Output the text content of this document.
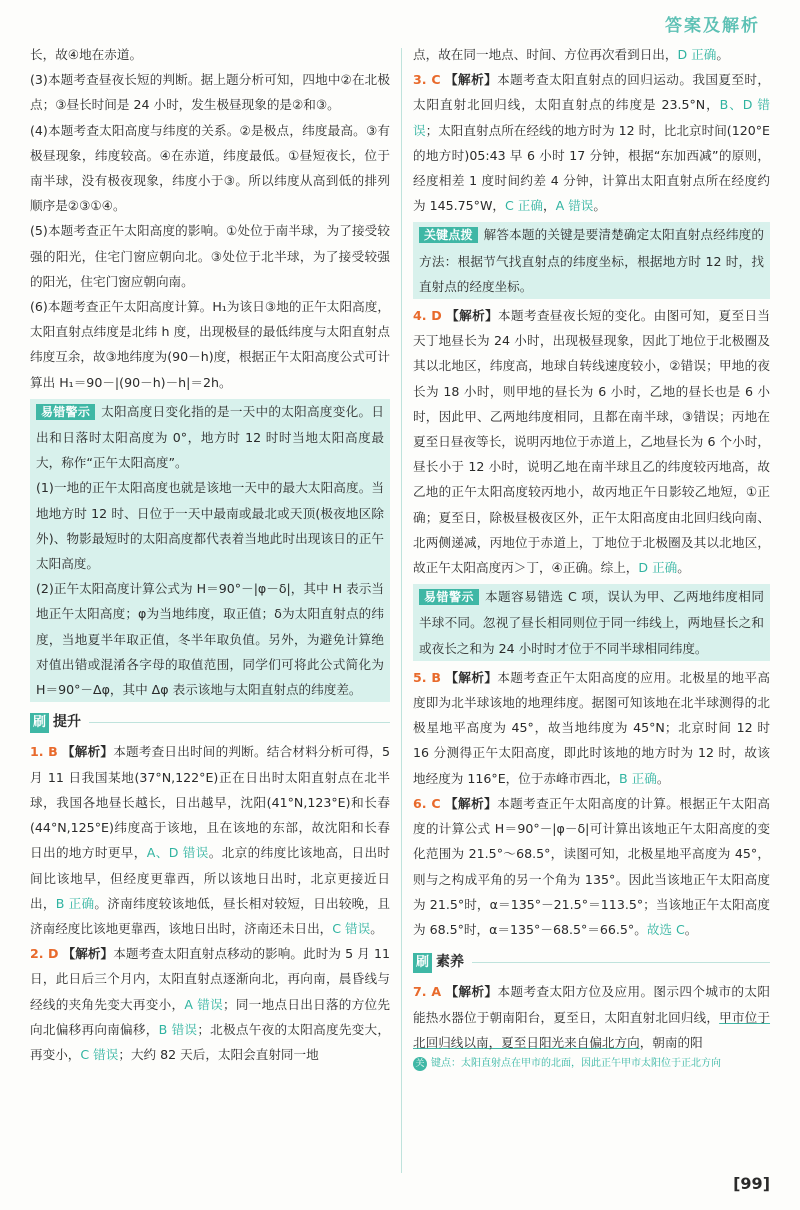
答案及解析

长，故④地在赤道。

(3)本题考查昼夜长短的判断。据上题分析可知，四地中②在北极点；③昼长时间是 24 小时，发生极昼现象的是②和③。

(4)本题考查太阳高度与纬度的关系。②是极点，纬度最高。③有极昼现象，纬度较高。④在赤道，纬度最低。①昼短夜长，位于南半球，没有极夜现象，纬度小于③。所以纬度从高到低的排列顺序是②③①④。

(5)本题考查正午太阳高度的影响。①处位于南半球，为了接受较强的阳光，住宅门窗应朝向北。③处位于北半球，为了接受较强的阳光，住宅门窗应朝向南。

(6)本题考查正午太阳高度计算。H₁为该日③地的正午太阳高度，太阳直射点纬度是北纬 h 度，出现极昼的最低纬度与太阳直射点纬度互余，故③地纬度为(90－h)度，根据正午太阳高度公式可计算出 H₁＝90－|(90－h)－h|＝2h。

易错警示 太阳高度日变化指的是一天中的太阳高度变化。日出和日落时太阳高度为 0°，地方时 12 时时当地太阳高度最大，称作“正午太阳高度”。

(1)一地的正午太阳高度也就是该地一天中的最大太阳高度。当地地方时 12 时、日位于一天中最南或最北或天顶(极夜地区除外)、物影最短时的太阳高度都代表着当地此时出现该日的正午太阳高度。

(2)正午太阳高度计算公式为 H＝90°－|φ－δ|，其中 H 表示当地正午太阳高度；φ为当地纬度，取正值；δ为太阳直射点的纬度，当地夏半年取正值，冬半年取负值。另外，为避免计算绝对值出错或混淆各字母的取值范围，同学们可将此公式简化为 H＝90°－Δφ，其中 Δφ 表示该地与太阳直射点的纬度差。

刷 提升

1. B 【解析】本题考查日出时间的判断。结合材料分析可得，5 月 11 日我国某地(37°N,122°E)正在日出时太阳直射点在北半球，我国各地昼长越长，日出越早，沈阳(41°N,123°E)和长春(44°N,125°E)纬度高于该地，且在该地的东部，故沈阳和长春日出的地方时更早，A、D 错误。北京的纬度比该地高，日出时间比该地早，但经度更靠西，所以该地日出时，北京更接近日出，B 正确。济南纬度较该地低，昼长相对较短，日出较晚，且济南经度比该地更靠西，该地日出时，济南还未日出，C 错误。

2. D 【解析】本题考查太阳直射点移动的影响。此时为 5 月 11 日，此日后三个月内，太阳直射点逐渐向北，再向南，晨昏线与经线的夹角先变大再变小，A 错误；同一地点日出日落的方位先向北偏移再向南偏移，B 错误；北极点午夜的太阳高度先变大，再变小，C 错误；大约 82 天后，太阳会直射同一地

点，故在同一地点、时间、方位再次看到日出，D 正确。

3. C 【解析】本题考查太阳直射点的回归运动。我国夏至时，太阳直射北回归线，太阳直射点的纬度是 23.5°N，B、D 错误；太阳直射点所在经线的地方时为 12 时，比北京时间(120°E 的地方时)05:43 早 6 小时 17 分钟，根据“东加西减”的原则，经度相差 1 度时间约差 4 分钟，计算出太阳直射点所在经度约为 145.75°W，C 正确，A 错误。

关键点拨 解答本题的关键是要清楚确定太阳直射点经纬度的方法：根据节气找直射点的纬度坐标，根据地方时 12 时，找直射点的经度坐标。

4. D 【解析】本题考查昼夜长短的变化。由图可知，夏至日当天丁地昼长为 24 小时，出现极昼现象，因此丁地位于北极圈及其以北地区，纬度高，地球自转线速度较小，②错误；甲地的夜长为 18 小时，则甲地的昼长为 6 小时，乙地的昼长也是 6 小时，因此甲、乙两地纬度相同，且都在南半球，③错误；丙地在夏至日昼夜等长，说明丙地位于赤道上，乙地昼长为 6 个小时，昼长小于 12 小时，说明乙地在南半球且乙的纬度较丙地高，故乙地的正午太阳高度较丙地小，故丙地正午日影较乙地短，①正确；夏至日，除极昼极夜区外，正午太阳高度由北回归线向南、北两侧递减，丙地位于赤道上，丁地位于北极圈及其以北地区，故正午太阳高度丙＞丁，④正确。综上，D 正确。

易错警示 本题容易错选 C 项，误认为甲、乙两地纬度相同半球不同。忽视了昼长相同则位于同一纬线上，两地昼长之和或夜长之和为 24 小时时才位于不同半球相同纬度。

5. B 【解析】本题考查正午太阳高度的应用。北极星的地平高度即为北半球该地的地理纬度。据图可知该地在北半球测得的北极星地平高度为 45°，故当地纬度为 45°N；北京时间 12 时 16 分测得正午太阳高度，即此时该地的地方时为 12 时，故该地经度为 116°E，位于赤峰市西北，B 正确。

6. C 【解析】本题考查正午太阳高度的计算。根据正午太阳高度的计算公式 H＝90°－|φ－δ|可计算出该地正午太阳高度的变化范围为 21.5°～68.5°，读图可知，北极星地平高度为 45°，则与之构成平角的另一个角为 135°。因此当该地正午太阳高度为 21.5°时，α＝135°－21.5°＝113.5°；当该地正午太阳高度为 68.5°时，α＝135°－68.5°＝66.5°。故选 C。

刷 素养

7. A 【解析】本题考查太阳方位及应用。图示四个城市的太阳能热水器位于朝南阳台，夏至日，太阳直射北回归线，甲市位于北回归线以南，夏至日阳光来自偏北方向，朝南的阳

关 键点：太阳直射点在甲市的北面，因此正午甲市太阳位于正北方向
[99]
